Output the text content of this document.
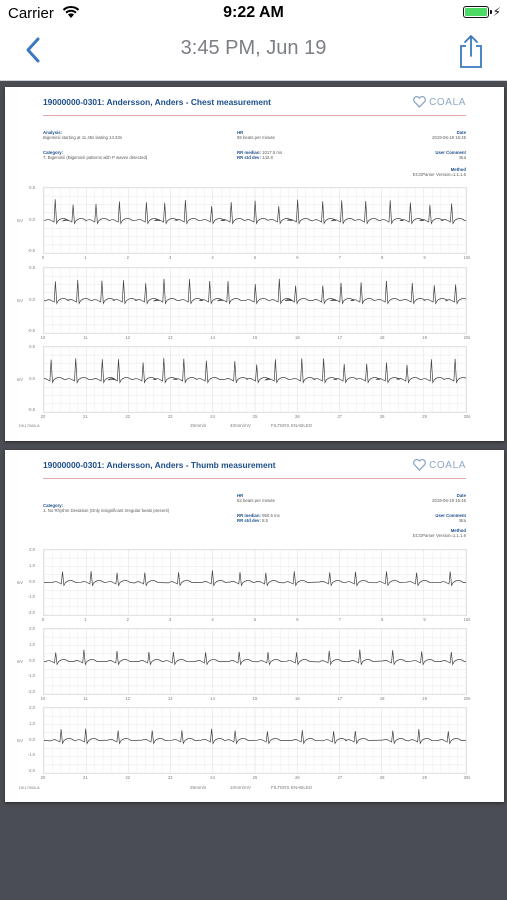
Carrier	9:22 AM	⚡
3:45 PM, Jun 19
19000000-0301: Andersson, Anders - Chest measurement	COALA
Analysis:
Bigeminii starting at 11.45s lasting 14.33s
Category:
7. Bigeminii (Bigeminii patterns with P waves detected)
HR
59 beats per minute
RR median: 1017.5 ms
RR std dev: 142.8
Date
2019-06-19 15:45
User Comment
Bra
Method
ECGParser Version=1.1.1.6
DK17066-A	25mm/s	40mm/mV	FILTERS ENABLED
0.5
0.0
-0.5
mV
0	1	2	3	4	5	6	7	8	9	10s
0.5
0.0
-0.5
mV
10	11	12	13	14	15	16	17	18	19	20s
0.5
0.0
-0.5
mV
20	21	22	23	24	25	26	27	28	29	30s
19000000-0301: Andersson, Anders - Thumb measurement	COALA
Category:
1. No Rhythm Deviation (Only insignificant irregular beats present)
HR
62 beats per minute
RR median: 960.5 ms
RR std dev: 8.5
Date
2019-06-19 15:45
User Comment
Bra
Method
ECGParser Version=1.1.1.6
DK17066-A	25mm/s	10mm/mV	FILTERS ENABLED
2.0
1.0
0.0
-1.0
-2.0
mV
0	1	2	3	4	5	6	7	8	9	10s
2.0
1.0
0.0
-1.0
-2.0
mV
10	11	12	13	14	15	16	17	18	19	20s
2.0
1.0
0.0
-1.0
-2.0
mV
20	21	22	23	24	25	26	27	28	29	30s
